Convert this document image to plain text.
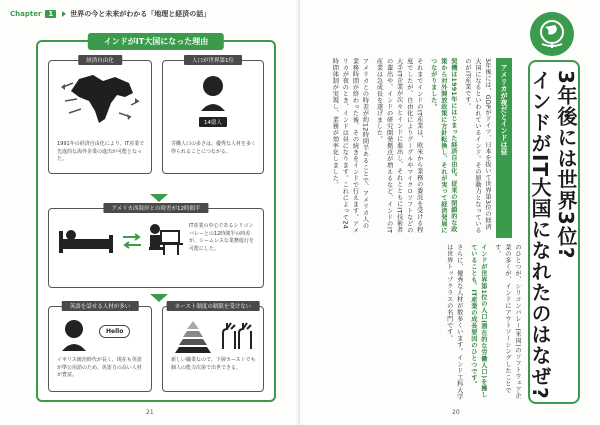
Chapter	1	世界の今と未来がわかる「地理と経済の話」
インドがIT大国になった理由
経済自由化
1991年の経済自由化により、IT産業で先進的な海外企業の進出が可能となった。
人口が世界第1位
14億人
労働人口の多さは、優秀な人材を多く得られることにつながる。
アメリカ西海岸との時差が12時間半
IT産業の中心であるシリコンバレーとの12時間半の時差が、シームレスな業務進行を可能にした。
英語を話せる人材が多い
Hello
イギリス統治時代が長く、現在も英語が準公用語のため、英語力の高い人材が豊富。
カースト制度の制限を受けない
新しい職業なので、下層カーストでも個人の能力次第で出世できる。
21
3年後には世界3位?
インドがIT大国になれたのはなぜ?
アメリカが夜だとインドは昼

3年後には、GDPがドイツ、日本を抜いて世界第3位の経済大国になるといわれているインド。その原動力となっているのがIT産業です。

契機は1991年にはじまった経済自由化。従来の閉鎖的な政策から対外開放政策に方針転換し、それが実って経済発展につながりました。

それまでインドのIT産業は、欧米から業務の委託を受ける程度でしたが、自由化によりグーグルやマイクロソフトなどの大手IT企業が次々とインドに進出し、それとともにIT技術者の輩出や、インドの研究開発拠点が増えるなど、インドのIT産業は急成長を遂げました。

アメリカとの時差が約12時間半あることで、アメリカ人の業務時間が終わった後、その続きをインドで行えます。アメリカが夜のとき、インドは昼になります。これによって24時間体制が実現し、業務が効率化しました。

のひとつが、シリコンバレー(米国)のソフトウェア企業の多くが、インドにアウトソーシングしたことです。

インドが世界第1位の人口(潜在的な労働人口)を擁していることも、IT産業の成長要因のひとつです。

さらに、優秀な人材が数多くいます。インド工科大学は世界トップクラスの名門です。

20
